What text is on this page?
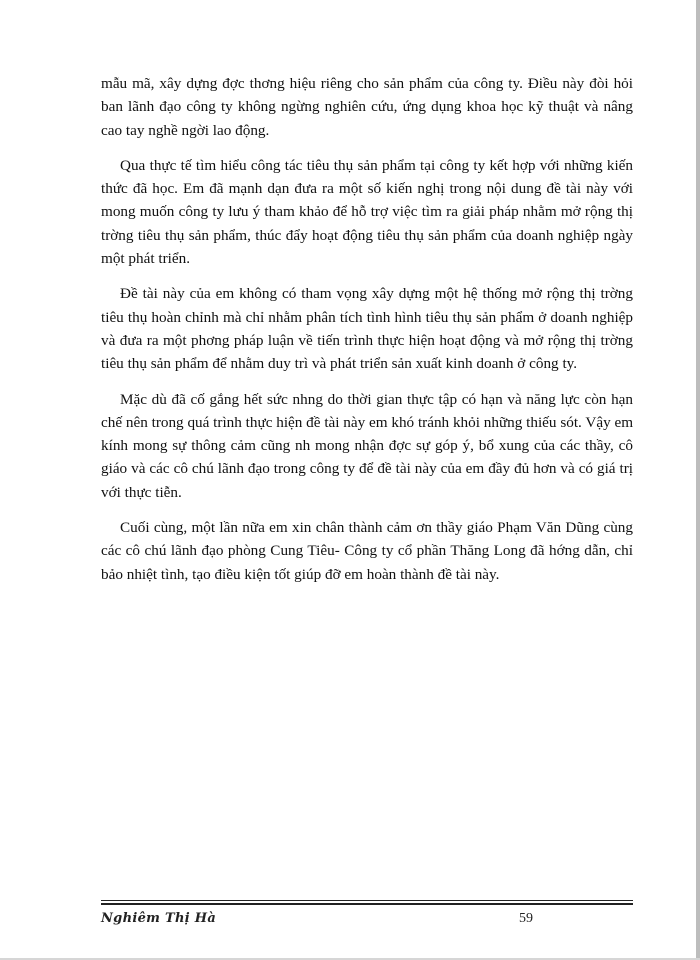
mẫu mã, xây dựng đợc thơng hiệu riêng cho sản phẩm của công ty. Điều này đòi hỏi ban lãnh đạo công ty không ngừng nghiên cứu, ứng dụng khoa học kỹ thuật và nâng cao tay nghề ngời lao động.

Qua thực tế tìm hiểu công tác tiêu thụ sản phẩm tại công ty kết hợp với những kiến thức đã học. Em đã mạnh dạn đưa ra một số kiến nghị trong nội dung đề tài này với mong muốn công ty lưu ý tham khảo để hỗ trợ việc tìm ra giải pháp nhằm mở rộng thị trờng tiêu thụ sản phẩm, thúc đẩy hoạt động tiêu thụ sản phẩm của doanh nghiệp ngày một phát triển.

Đề tài này của em không có tham vọng xây dựng một hệ thống mở rộng thị trờng tiêu thụ hoàn chỉnh mà chỉ nhằm phân tích tình hình tiêu thụ sản phẩm ở doanh nghiệp và đưa ra một phơng pháp luận về tiến trình thực hiện hoạt động và mở rộng thị trờng tiêu thụ sản phẩm để nhằm duy trì và phát triển sản xuất kinh doanh ở công ty.

Mặc dù đã cố gắng hết sức nhng do thời gian thực tập có hạn và năng lực còn hạn chế nên trong quá trình thực hiện đề tài này em khó tránh khỏi những thiếu sót. Vậy em kính mong sự thông cảm cũng nh mong nhận đợc sự góp ý, bổ xung của các thầy, cô giáo và các cô chú lãnh đạo trong công ty để đề tài này của em đầy đủ hơn và có giá trị với thực tiễn.

Cuối cùng, một lần nữa em xin chân thành cảm ơn thầy giáo Phạm Văn Dũng cùng các cô chú lãnh đạo phòng Cung Tiêu- Công ty cổ phần Thăng Long đã hớng dẫn, chỉ bảo nhiệt tình, tạo điều kiện tốt giúp đỡ em hoàn thành đề tài này.

Nghiêm Thị Hà	59
